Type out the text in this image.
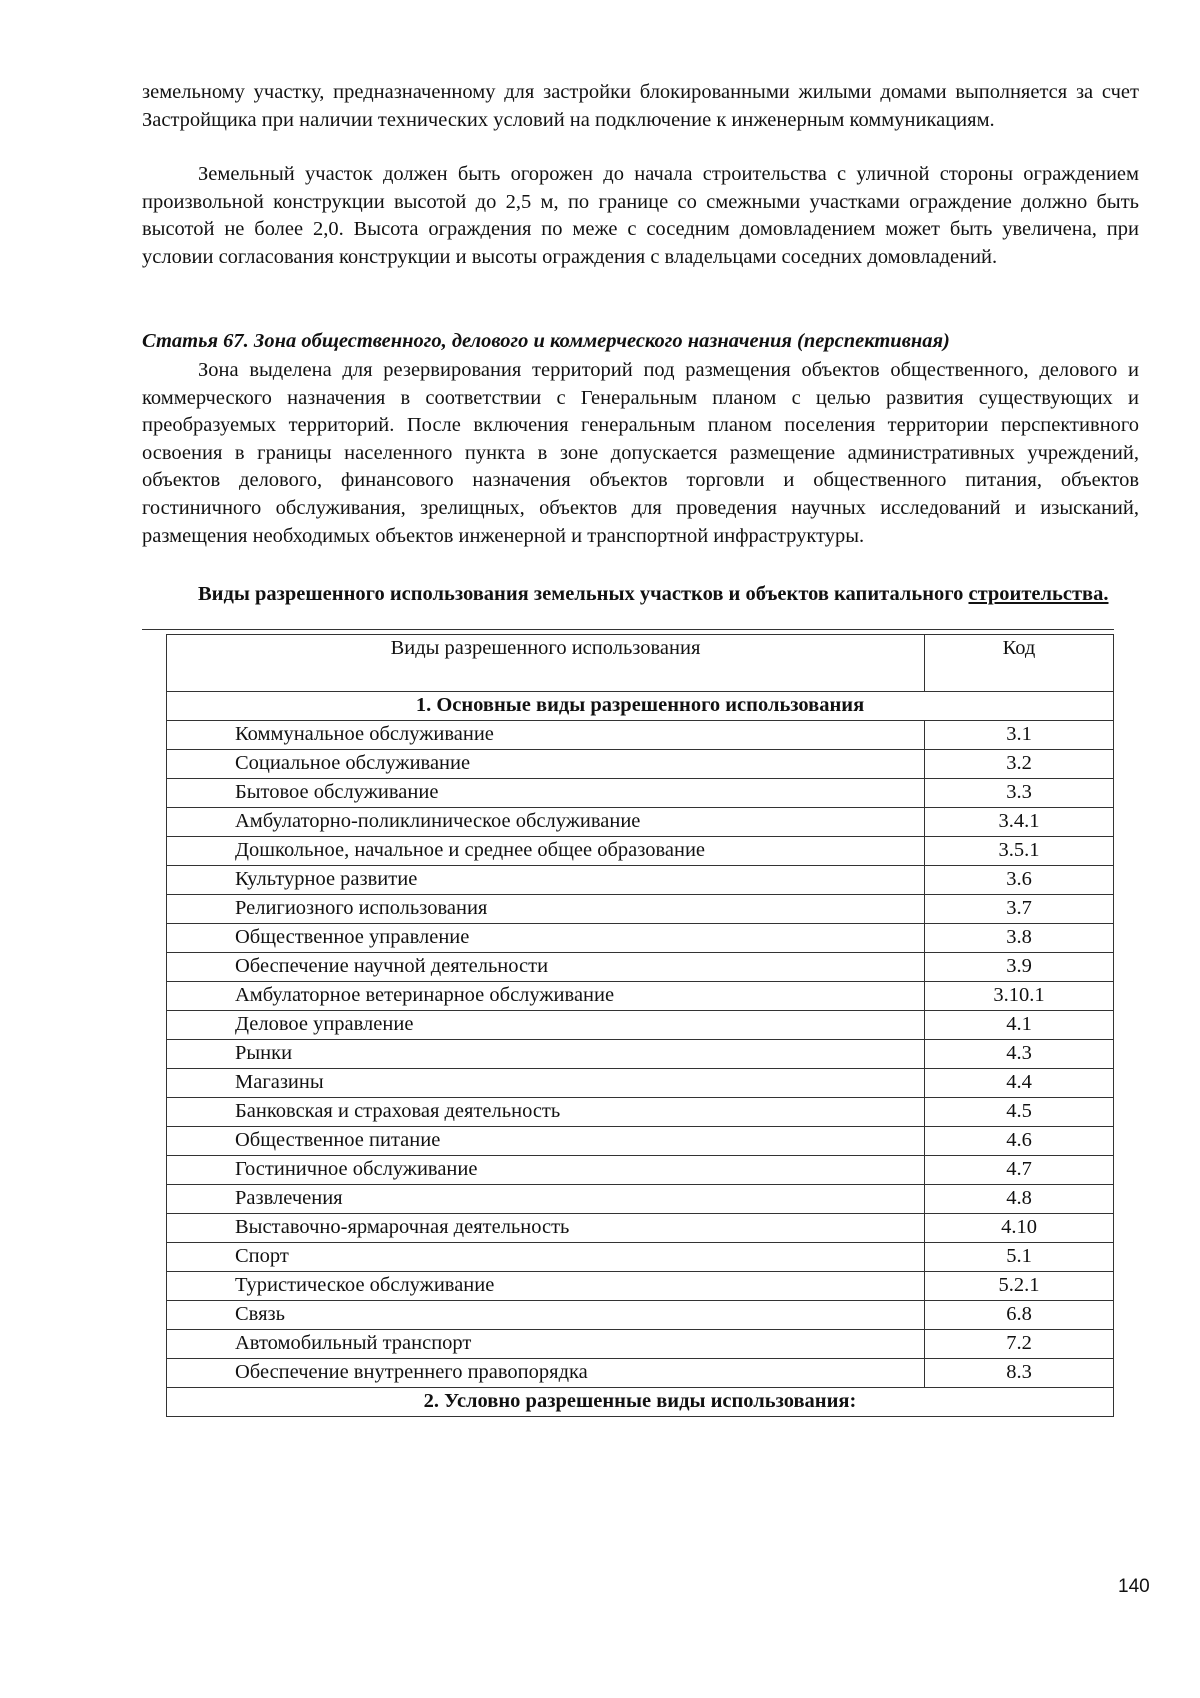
земельному участку, предназначенному для застройки блокированными жилыми домами выполняется за счет Застройщика при наличии технических условий на подключение к инженерным коммуникациям.

Земельный участок должен быть огорожен до начала строительства с уличной стороны ограждением произвольной конструкции высотой до 2,5 м, по границе со смежными участками ограждение должно быть высотой не более 2,0. Высота ограждения по меже с соседним домовладением может быть увеличена, при условии согласования конструкции и высоты ограждения с владельцами соседних домовладений.

Статья 67. Зона общественного, делового и коммерческого назначения (перспективная)

Зона выделена для резервирования территорий под размещения объектов общественного, делового и коммерческого назначения в соответствии с Генеральным планом с целью развития существующих и преобразуемых территорий. После включения генеральным планом поселения территории перспективного освоения в границы населенного пункта в зоне допускается размещение административных учреждений, объектов делового, финансового назначения объектов торговли и общественного питания, объектов гостиничного обслуживания, зрелищных, объектов для проведения научных исследований и изысканий, размещения необходимых объектов инженерной и транспортной инфраструктуры.

Виды разрешенного использования земельных участков и объектов капитального строительства.

Виды разрешенного использования	Код
1. Основные виды разрешенного использования	
Коммунальное обслуживание	3.1
Социальное обслуживание	3.2
Бытовое обслуживание	3.3
Амбулаторно-поликлиническое обслуживание	3.4.1
Дошкольное, начальное и среднее общее образование	3.5.1
Культурное развитие	3.6
Религиозного использования	3.7
Общественное управление	3.8
Обеспечение научной деятельности	3.9
Амбулаторное ветеринарное обслуживание	3.10.1
Деловое управление	4.1
Рынки	4.3
Магазины	4.4
Банковская и страховая деятельность	4.5
Общественное питание	4.6
Гостиничное обслуживание	4.7
Развлечения	4.8
Выставочно-ярмарочная деятельность	4.10
Спорт	5.1
Туристическое обслуживание	5.2.1
Связь	6.8
Автомобильный транспорт	7.2
Обеспечение внутреннего правопорядка	8.3
2. Условно разрешенные виды использования:	
140
